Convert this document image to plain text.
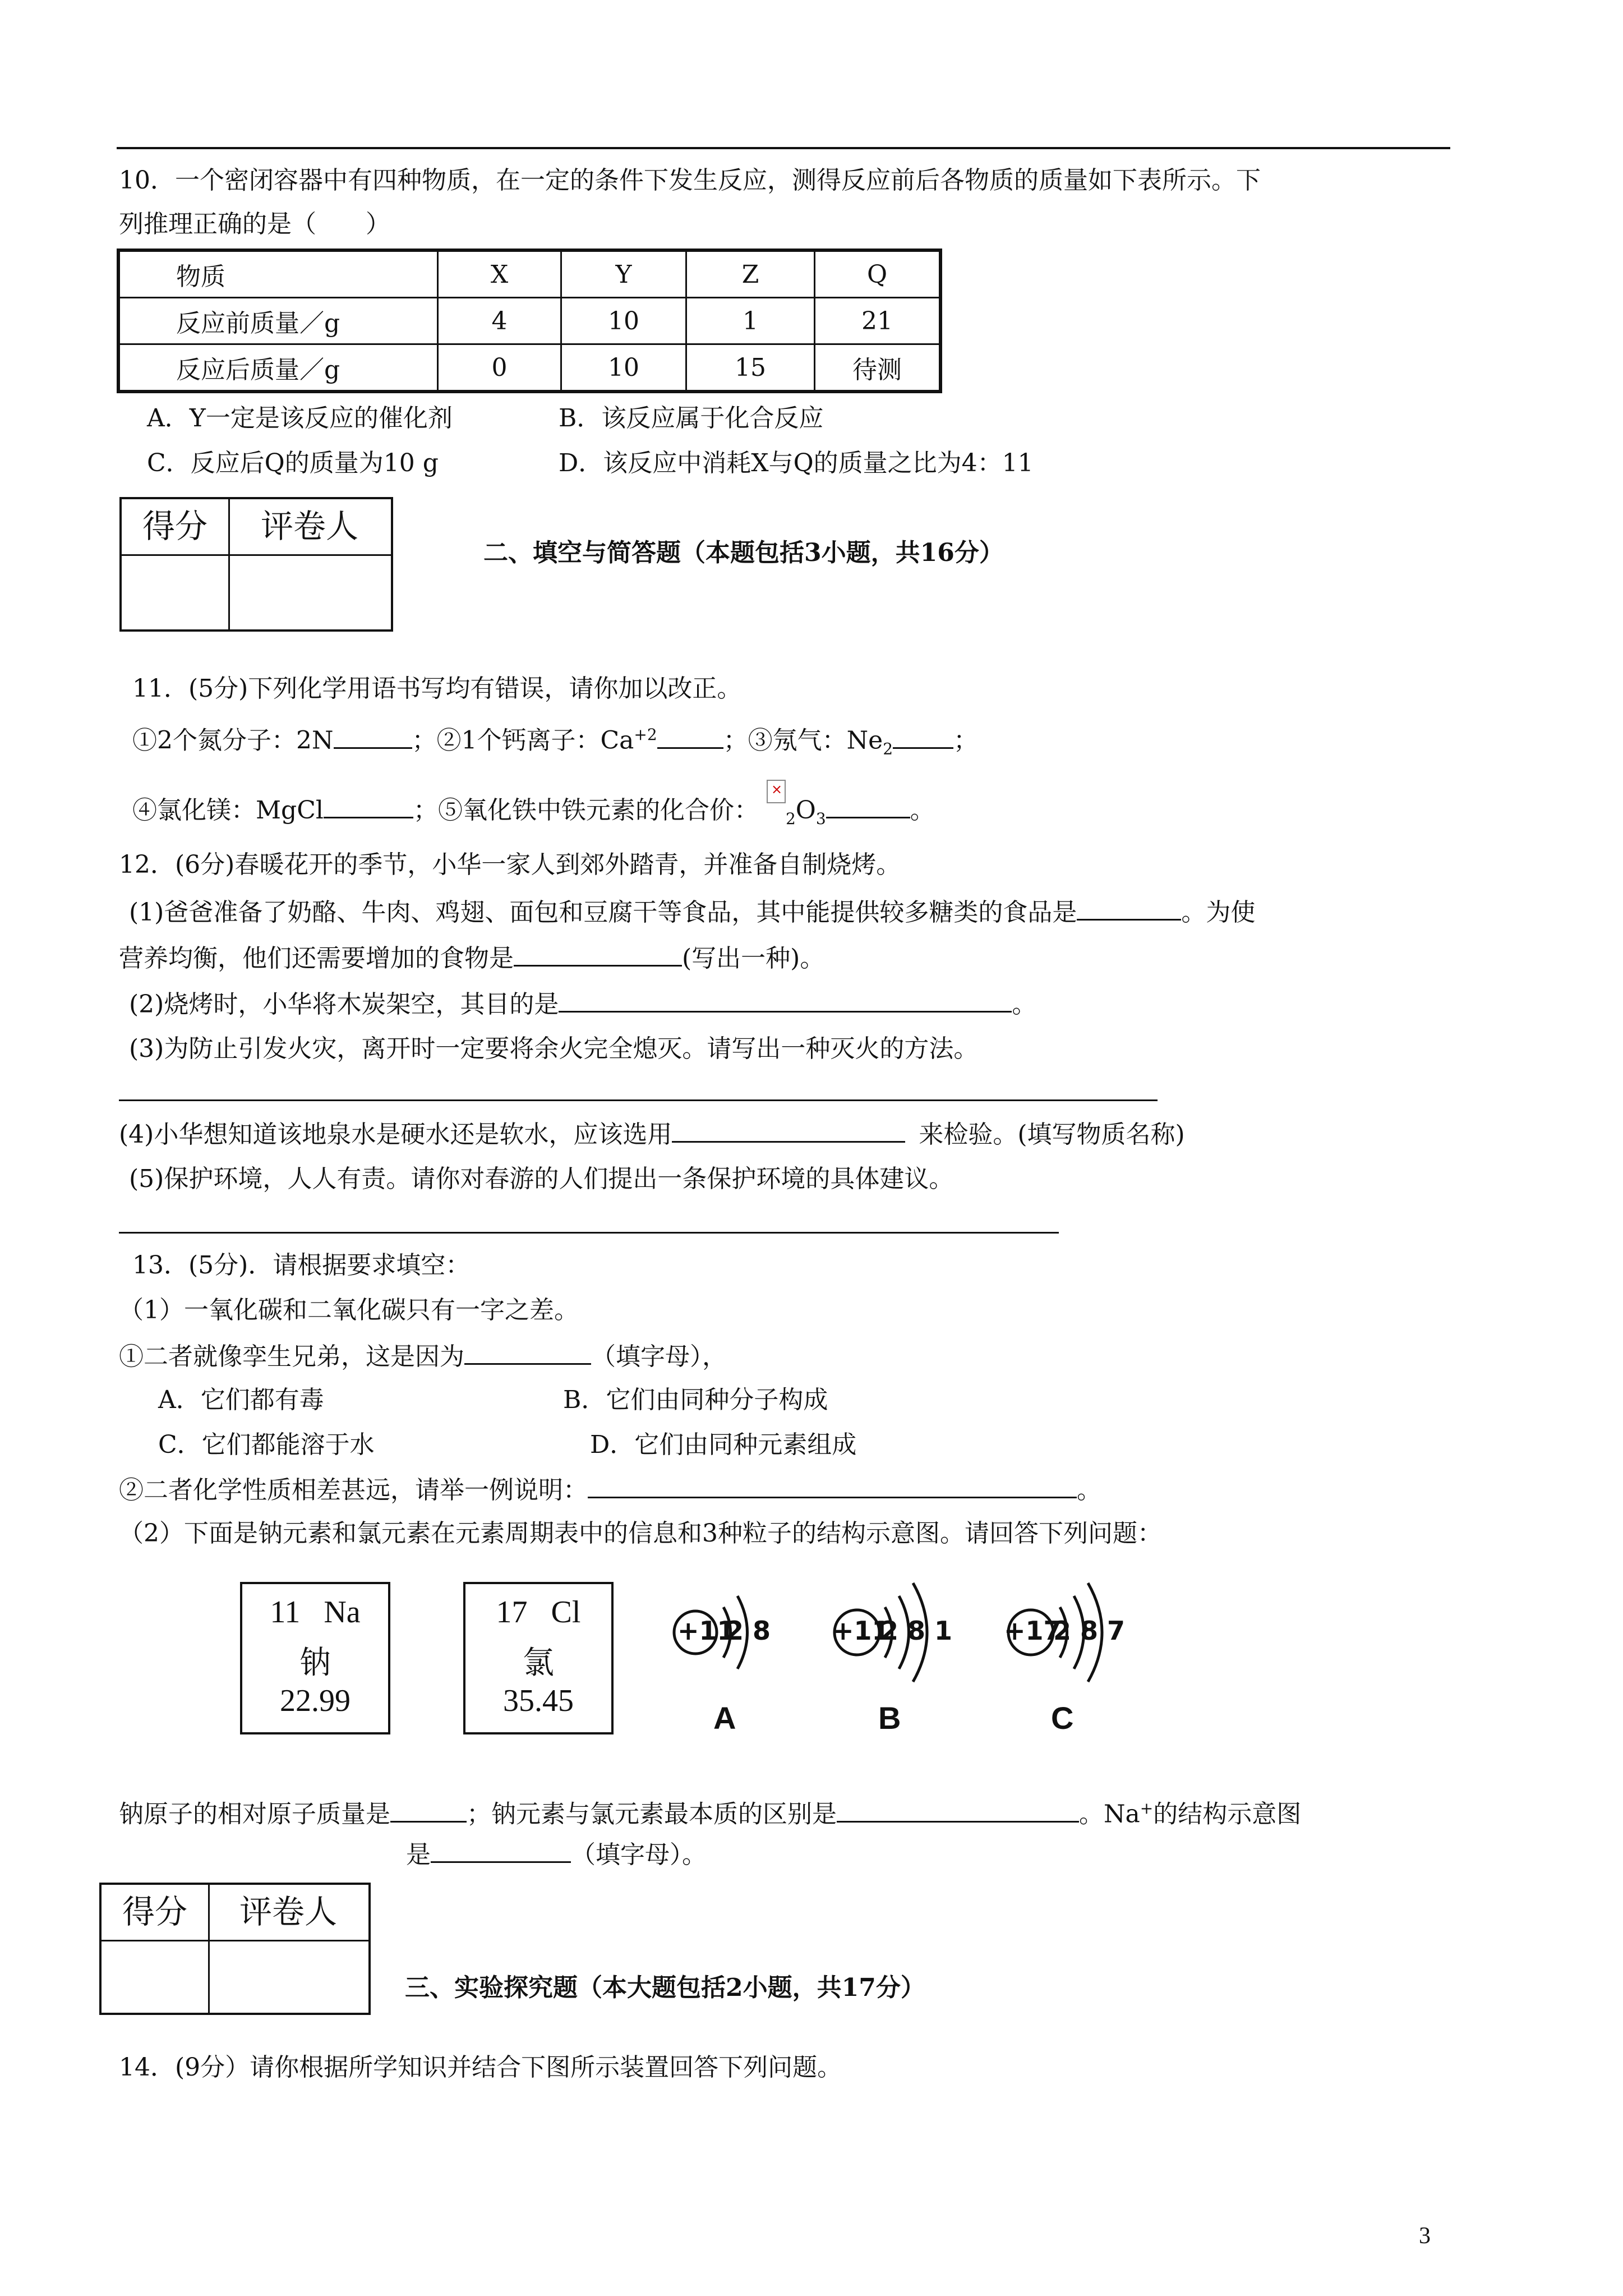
10．一个密闭容器中有四种物质，在一定的条件下发生反应，测得反应前后各物质的质量如下表所示。下
列推理正确的是（　　）
物质	X	Y	Z	Q
反应前质量／g	4	10	1	21
反应后质量／g	0	10	15	待测
A．Y一定是该反应的催化剂	B．该反应属于化合反应
C．反应后Q的质量为10 g	D．该反应中消耗X与Q的质量之比为4：11
得分	评卷人
二、填空与简答题（本题包括3小题，共16分）
11．(5分)下列化学用语书写均有错误，请你加以改正。
①2个氮分子：2N	；②1个钙离子：$Ca^{+2}$	；③氖气：$Ne_2$ ；
④氯化镁：MgCl	；⑤氧化铁中铁元素的化合价：
×
$_2O_3$	。
12．(6分)春暖花开的季节，小华一家人到郊外踏青，并准备自制烧烤。
(1)爸爸准备了奶酪、牛肉、鸡翅、面包和豆腐干等食品，其中能提供较多糖类的食品是	。为使
营养均衡，他们还需要增加的食物是	(写出一种)。
(2)烧烤时，小华将木炭架空，其目的是	。
(3)为防止引发火灾，离开时一定要将余火完全熄灭。请写出一种灭火的方法。
(4)小华想知道该地泉水是硬水还是软水，应该选用	来检验。(填写物质名称)
(5)保护环境，人人有责。请你对春游的人们提出一条保护环境的具体建议。
13．(5分)．请根据要求填空：
（1）一氧化碳和二氧化碳只有一字之差。
①二者就像孪生兄弟，这是因为	（填字母），
A．它们都有毒	B．它们由同种分子构成
C．它们都能溶于水	D．它们由同种元素组成
②二者化学性质相差甚远，请举一例说明：	。
（2）下面是钠元素和氯元素在元素周期表中的信息和3种粒子的结构示意图。请回答下列问题：
11 Na
钠
22.99
17 Cl
氯
35.45
+11
2 8
A
+11
2 8 1
B
+17
2 8 7
C
钠原子的相对原子质量是	；钠元素与氯元素最本质的区别是	。Na+的结构示意图
是	（填字母）。
得分	评卷人
三、实验探究题（本大题包括2小题，共17分）
14．(9分）请你根据所学知识并结合下图所示装置回答下列问题。
3
